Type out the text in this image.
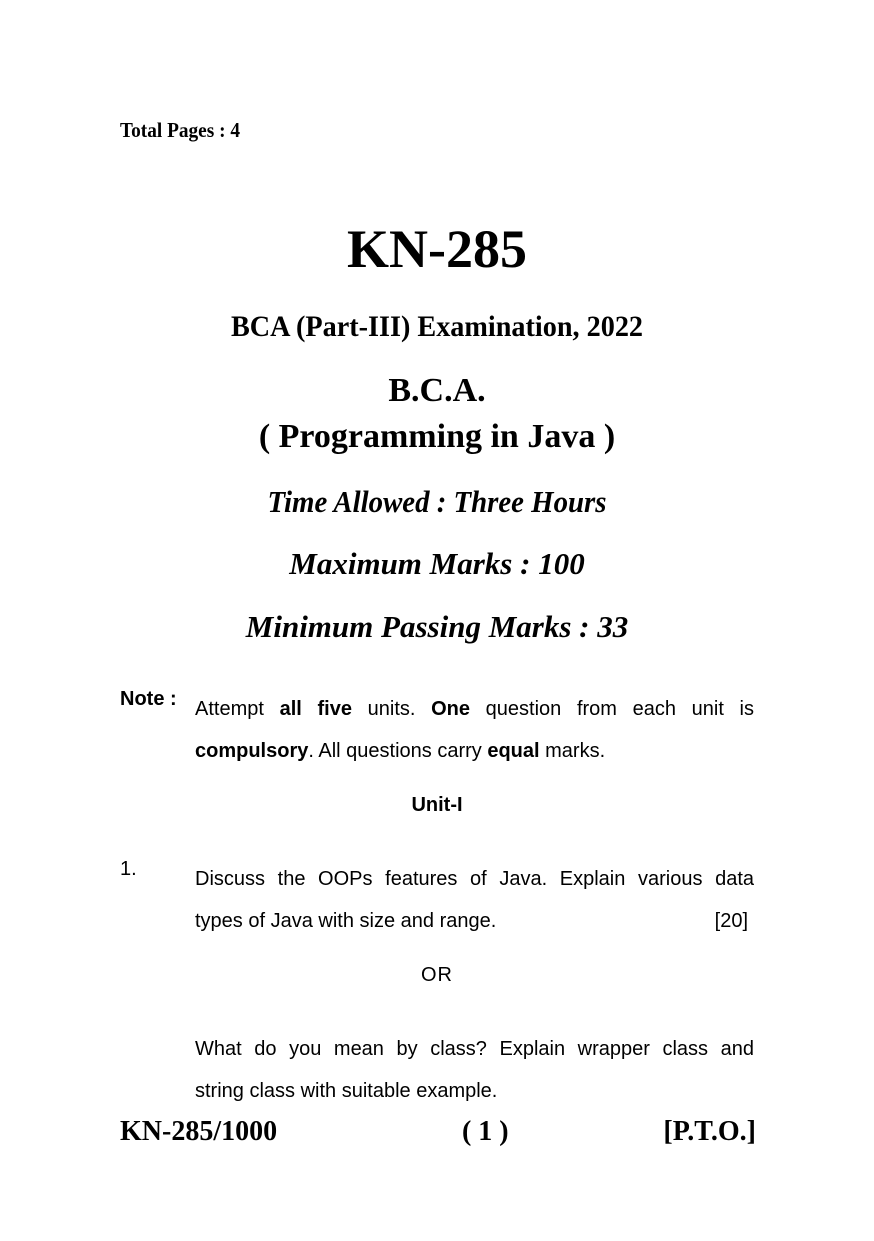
Total Pages : 4
KN-285
BCA (Part-III) Examination, 2022
B.C.A.
( Programming in Java )
Time Allowed : Three Hours
Maximum Marks : 100
Minimum Passing Marks : 33
Note : Attempt all five units. One question from each unit is
compulsory. All questions carry equal marks.
Unit-I
1.	Discuss the OOPs features of Java. Explain various data
types of Java with size and range.	[20]
OR
What do you mean by class? Explain wrapper class and
string class with suitable example.
KN-285/1000	( 1 )	[P.T.O.]
